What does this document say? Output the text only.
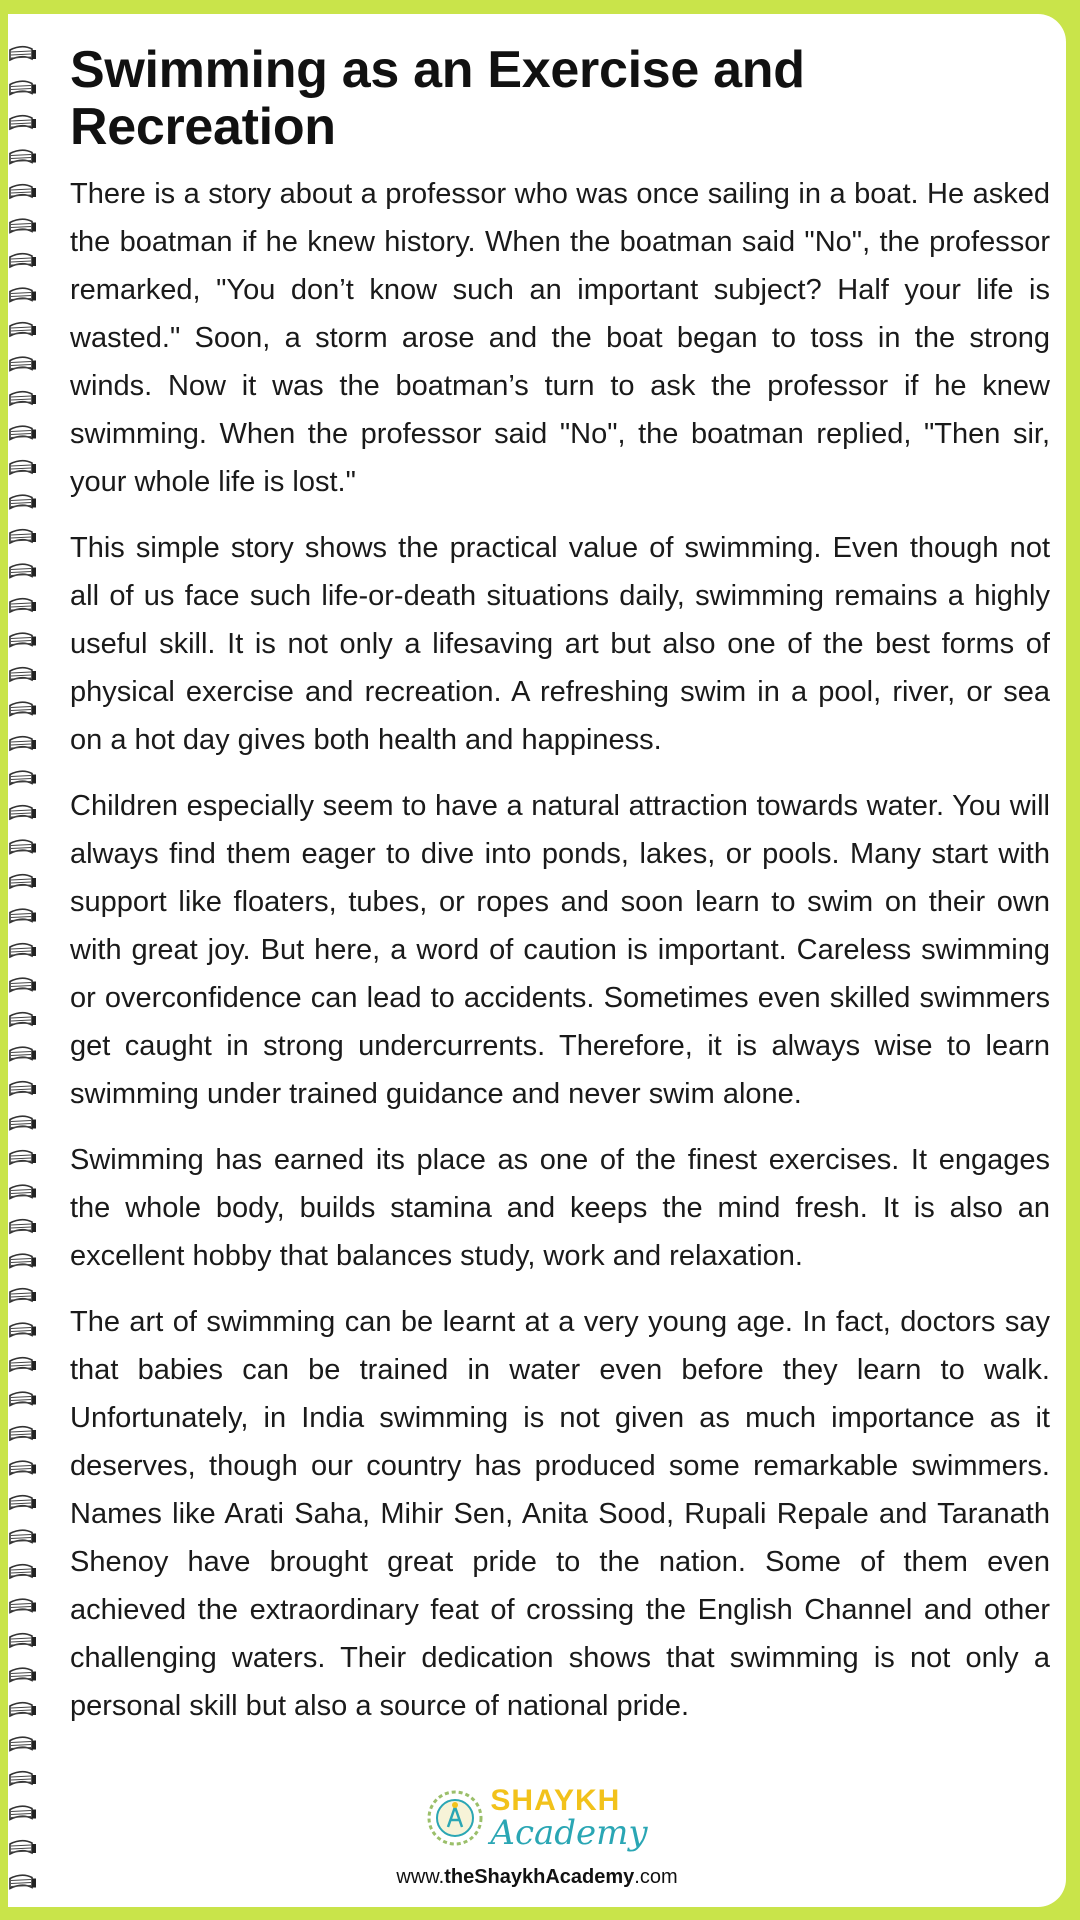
Swimming as an Exercise and Recreation

There is a story about a professor who was once sailing in a boat. He asked the boatman if he knew history. When the boatman said "No", the professor remarked, "You don’t know such an important subject? Half your life is wasted." Soon, a storm arose and the boat began to toss in the strong winds. Now it was the boatman’s turn to ask the professor if he knew swimming. When the professor said "No", the boatman replied, "Then sir, your whole life is lost."

This simple story shows the practical value of swimming. Even though not all of us face such life-or-death situations daily, swimming remains a highly useful skill. It is not only a lifesaving art but also one of the best forms of physical exercise and recreation. A refreshing swim in a pool, river, or sea on a hot day gives both health and happiness.

Children especially seem to have a natural attraction towards water. You will always find them eager to dive into ponds, lakes, or pools. Many start with support like floaters, tubes, or ropes and soon learn to swim on their own with great joy. But here, a word of caution is important. Careless swimming or overconfidence can lead to accidents. Sometimes even skilled swimmers get caught in strong undercurrents. Therefore, it is always wise to learn swimming under trained guidance and never swim alone.

Swimming has earned its place as one of the finest exercises. It engages the whole body, builds stamina and keeps the mind fresh. It is also an excellent hobby that balances study, work and relaxation.

The art of swimming can be learnt at a very young age. In fact, doctors say that babies can be trained in water even before they learn to walk. Unfortunately, in India swimming is not given as much importance as it deserves, though our country has produced some remarkable swimmers. Names like Arati Saha, Mihir Sen, Anita Sood, Rupali Repale and Taranath Shenoy have brought great pride to the nation. Some of them even achieved the extraordinary feat of crossing the English Channel and other challenging waters. Their dedication shows that swimming is not only a personal skill but also a source of national pride.

SHAYKH
Academy
www.theShaykhAcademy.com
